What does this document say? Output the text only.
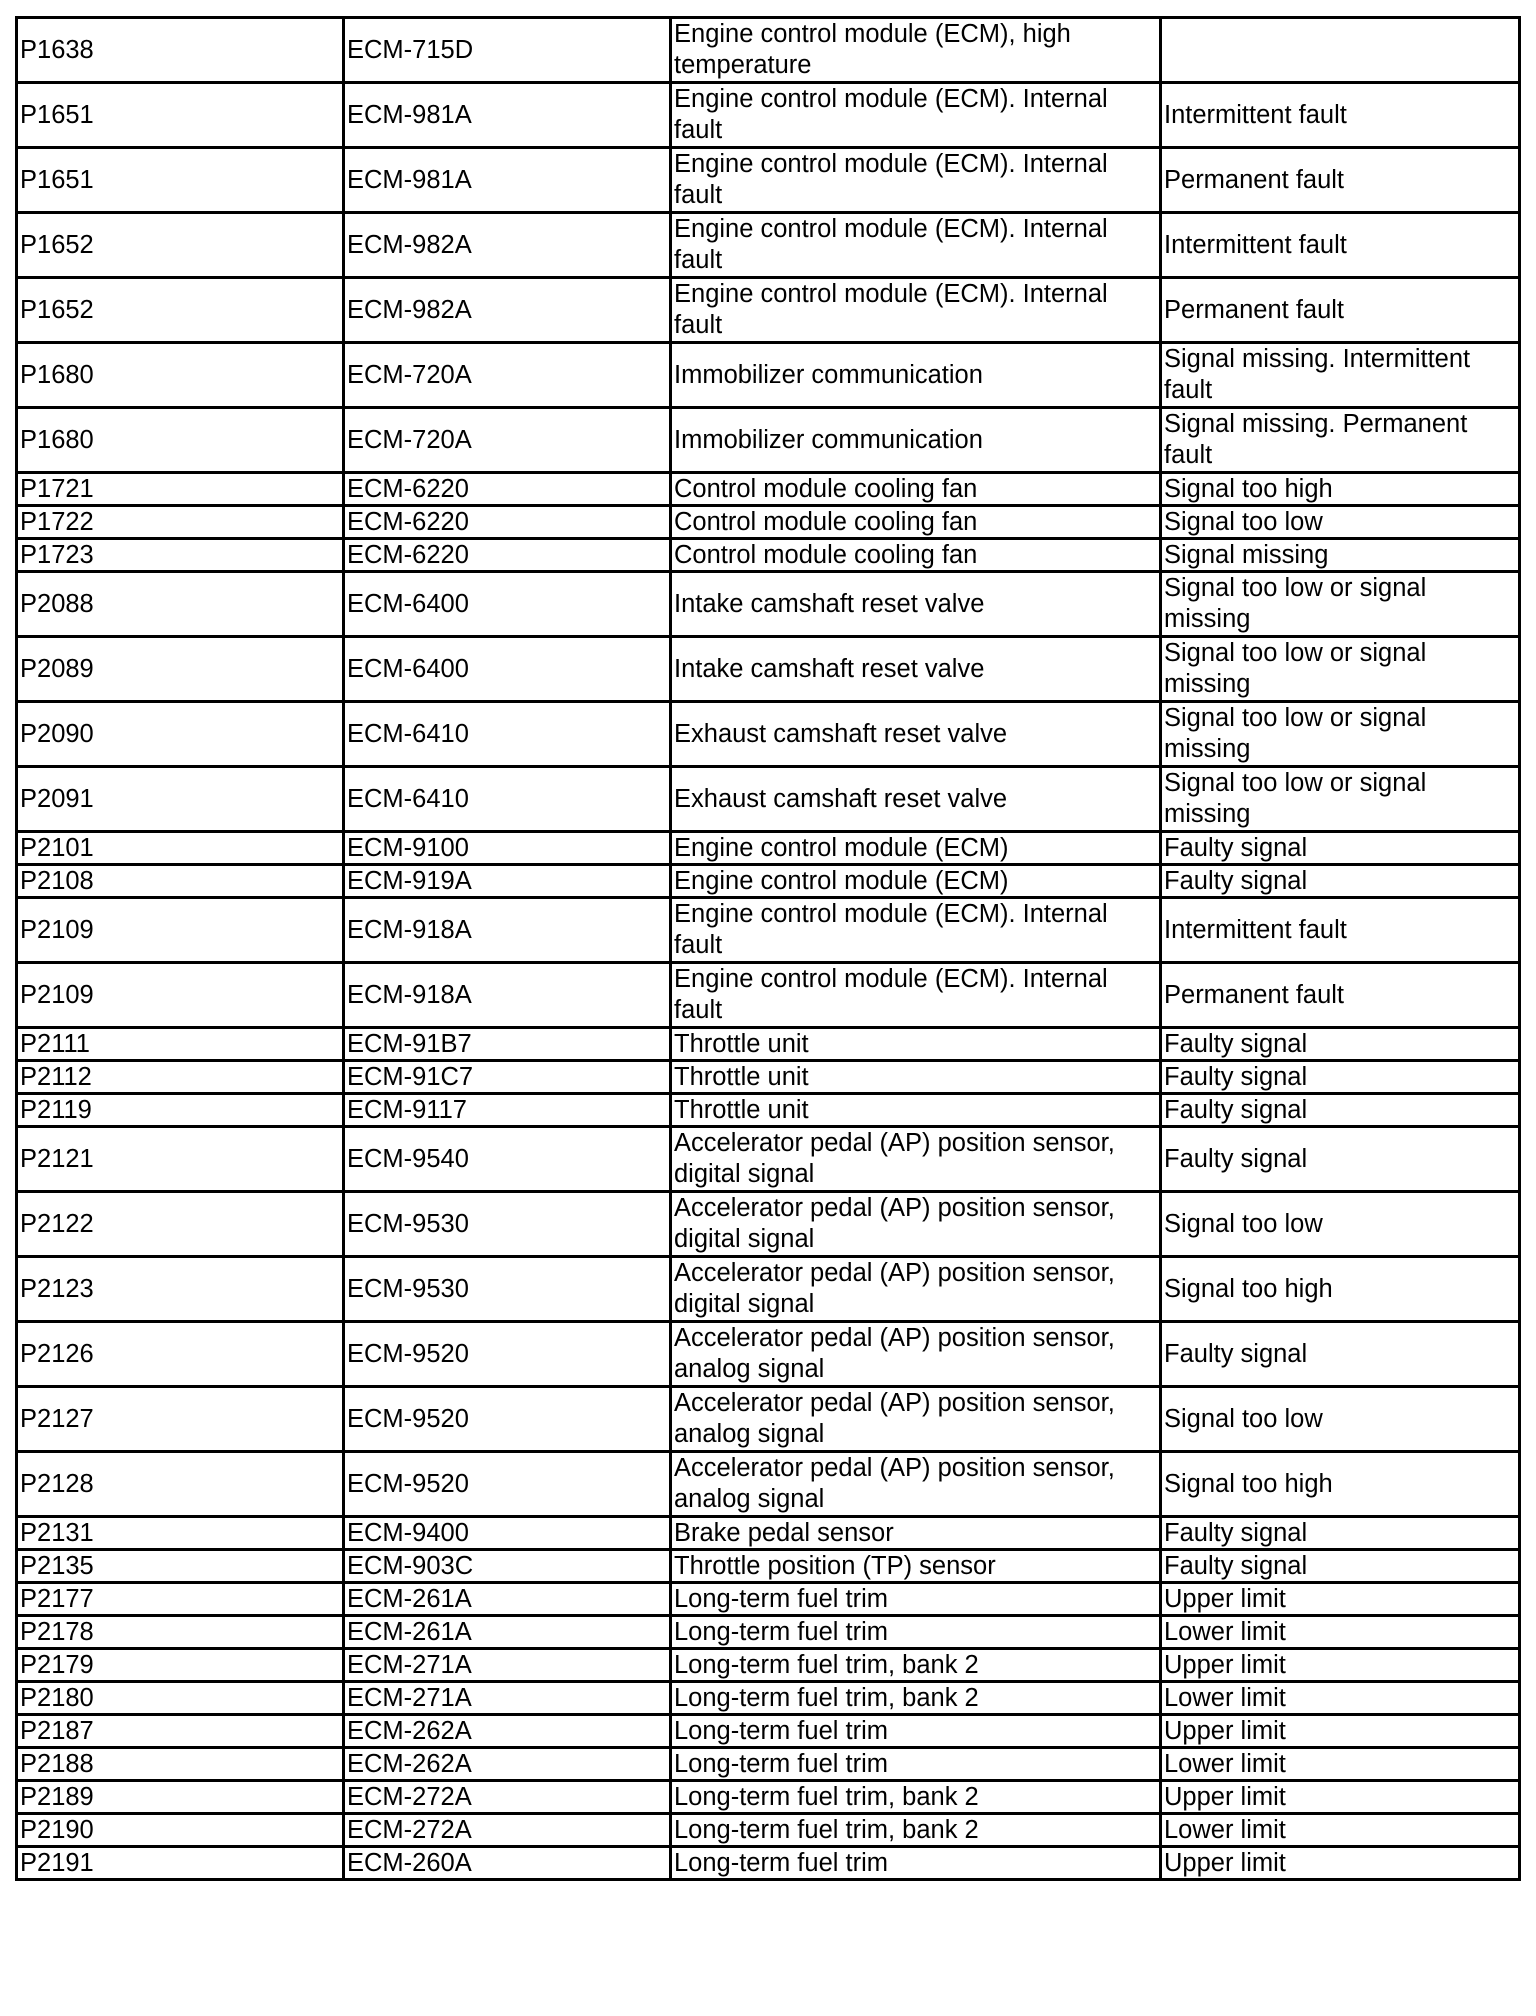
P1638	ECM-715D	Engine control module (ECM), high temperature	
P1651	ECM-981A	Engine control module (ECM). Internal fault	Intermittent fault
P1651	ECM-981A	Engine control module (ECM). Internal fault	Permanent fault
P1652	ECM-982A	Engine control module (ECM). Internal fault	Intermittent fault
P1652	ECM-982A	Engine control module (ECM). Internal fault	Permanent fault
P1680	ECM-720A	Immobilizer communication	Signal missing. Intermittent fault
P1680	ECM-720A	Immobilizer communication	Signal missing. Permanent fault
P1721	ECM-6220	Control module cooling fan	Signal too high
P1722	ECM-6220	Control module cooling fan	Signal too low
P1723	ECM-6220	Control module cooling fan	Signal missing
P2088	ECM-6400	Intake camshaft reset valve	Signal too low or signal missing
P2089	ECM-6400	Intake camshaft reset valve	Signal too low or signal missing
P2090	ECM-6410	Exhaust camshaft reset valve	Signal too low or signal missing
P2091	ECM-6410	Exhaust camshaft reset valve	Signal too low or signal missing
P2101	ECM-9100	Engine control module (ECM)	Faulty signal
P2108	ECM-919A	Engine control module (ECM)	Faulty signal
P2109	ECM-918A	Engine control module (ECM). Internal fault	Intermittent fault
P2109	ECM-918A	Engine control module (ECM). Internal fault	Permanent fault
P2111	ECM-91B7	Throttle unit	Faulty signal
P2112	ECM-91C7	Throttle unit	Faulty signal
P2119	ECM-9117	Throttle unit	Faulty signal
P2121	ECM-9540	Accelerator pedal (AP) position sensor, digital signal	Faulty signal
P2122	ECM-9530	Accelerator pedal (AP) position sensor, digital signal	Signal too low
P2123	ECM-9530	Accelerator pedal (AP) position sensor, digital signal	Signal too high
P2126	ECM-9520	Accelerator pedal (AP) position sensor, analog signal	Faulty signal
P2127	ECM-9520	Accelerator pedal (AP) position sensor, analog signal	Signal too low
P2128	ECM-9520	Accelerator pedal (AP) position sensor, analog signal	Signal too high
P2131	ECM-9400	Brake pedal sensor	Faulty signal
P2135	ECM-903C	Throttle position (TP) sensor	Faulty signal
P2177	ECM-261A	Long-term fuel trim	Upper limit
P2178	ECM-261A	Long-term fuel trim	Lower limit
P2179	ECM-271A	Long-term fuel trim, bank 2	Upper limit
P2180	ECM-271A	Long-term fuel trim, bank 2	Lower limit
P2187	ECM-262A	Long-term fuel trim	Upper limit
P2188	ECM-262A	Long-term fuel trim	Lower limit
P2189	ECM-272A	Long-term fuel trim, bank 2	Upper limit
P2190	ECM-272A	Long-term fuel trim, bank 2	Lower limit
P2191	ECM-260A	Long-term fuel trim	Upper limit
